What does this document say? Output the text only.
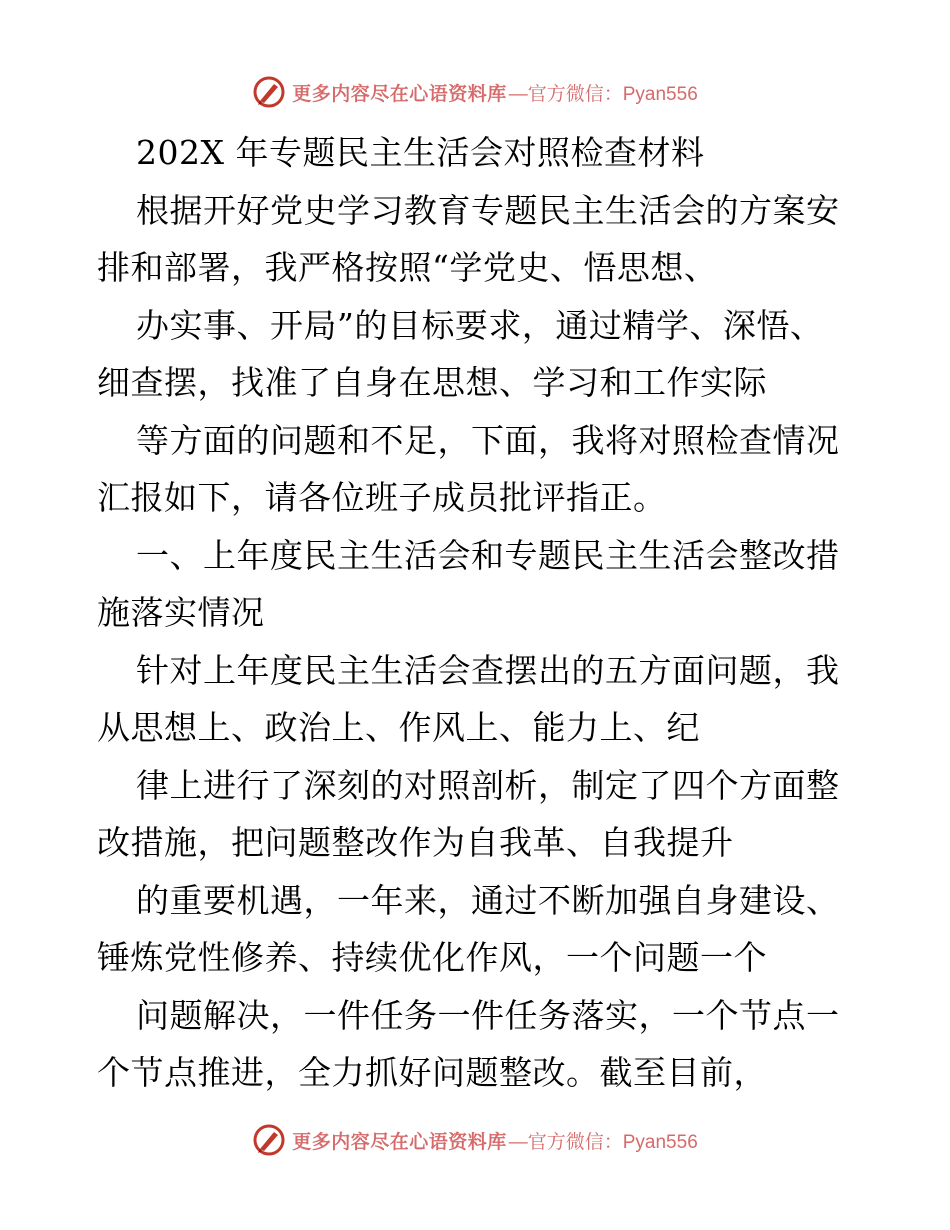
更多内容尽在心语资料库 —官方微信：Pyan556
202X 年专题民主生活会对照检查材料
根据开好党史学习教育专题民主生活会的方案安
排和部署，我严格按照“学党史、悟思想、
办实事、开局”的目标要求，通过精学、深悟、
细查摆，找准了自身在思想、学习和工作实际
等方面的问题和不足，下面，我将对照检查情况
汇报如下，请各位班子成员批评指正。
一、上年度民主生活会和专题民主生活会整改措
施落实情况
针对上年度民主生活会查摆出的五方面问题，我
从思想上、政治上、作风上、能力上、纪
律上进行了深刻的对照剖析，制定了四个方面整
改措施，把问题整改作为自我革、自我提升
的重要机遇，一年来，通过不断加强自身建设、
锤炼党性修养、持续优化作风，一个问题一个
问题解决，一件任务一件任务落实，一个节点一
个节点推进，全力抓好问题整改。截至目前，
更多内容尽在心语资料库 —官方微信：Pyan556
